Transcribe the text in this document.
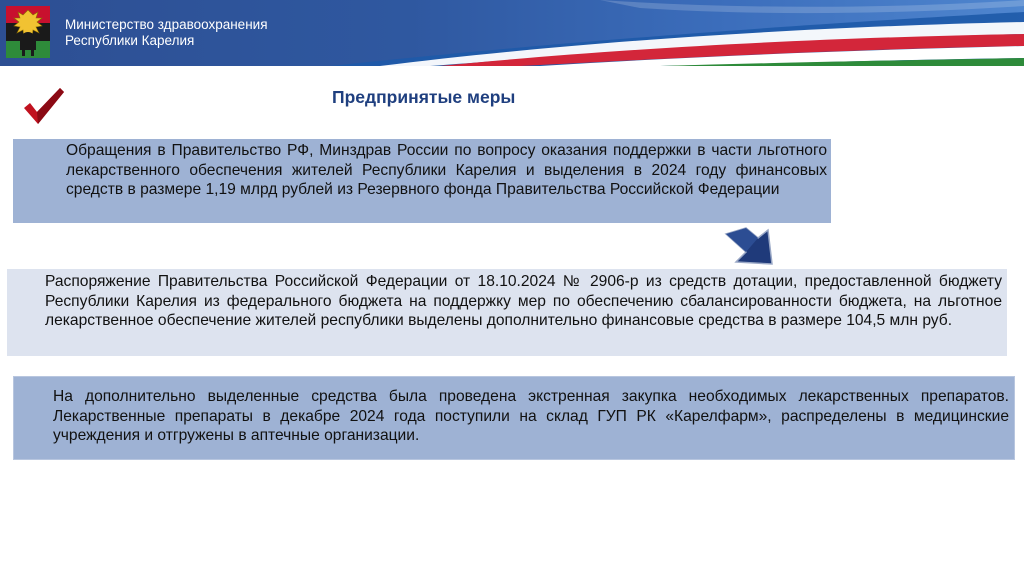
Министерство здравоохранения
Республики Карелия
Предпринятые меры
Обращения в Правительство РФ, Минздрав России по вопросу оказания поддержки в части льготного лекарственного обеспечения жителей Республики Карелия и выделения в 2024 году финансовых средств в размере 1,19 млрд рублей из Резервного фонда Правительства Российской Федерации
Распоряжение Правительства Российской Федерации от 18.10.2024 № 2906-р из средств дотации, предоставленной бюджету Республики Карелия из федерального бюджета на поддержку мер по обеспечению сбалансированности бюджета, на льготное лекарственное обеспечение жителей республики выделены дополнительно финансовые средства в размере 104,5 млн руб.
На дополнительно выделенные средства была проведена экстренная закупка необходимых лекарственных препаратов. Лекарственные препараты в декабре 2024 года поступили на склад ГУП РК «Карелфарм», распределены в медицинские учреждения и отгружены в аптечные организации.
